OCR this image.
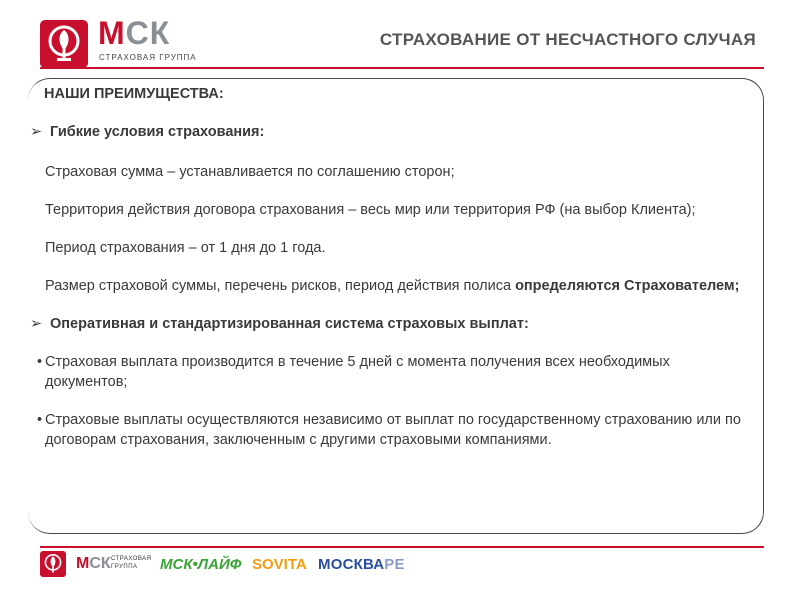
МСК
СТРАХОВАЯ ГРУППА
СТРАХОВАНИЕ ОТ НЕСЧАСТНОГО СЛУЧАЯ
НАШИ ПРЕИМУЩЕСТВА:
➢ Гибкие условия страхования:
Страховая сумма – устанавливается по соглашению сторон;
Территория действия договора страхования – весь мир или территория РФ (на выбор Клиента);
Период страхования – от 1 дня до 1 года.
Размер страховой суммы, перечень рисков, период действия полиса определяются Страхователем;
➢ Оперативная и стандартизированная система страховых выплат:
• Страховая выплата производится в течение 5 дней с момента получения всех необходимых документов;
• Страховые выплаты осуществляются независимо от выплат по государственному страхованию или по договорам страхования, заключенным с другими страховыми компаниями.
МСК СТРАХОВАЯ
ГРУППА	МСК•ЛАЙФ SOVITA МОСКВАРЕ
